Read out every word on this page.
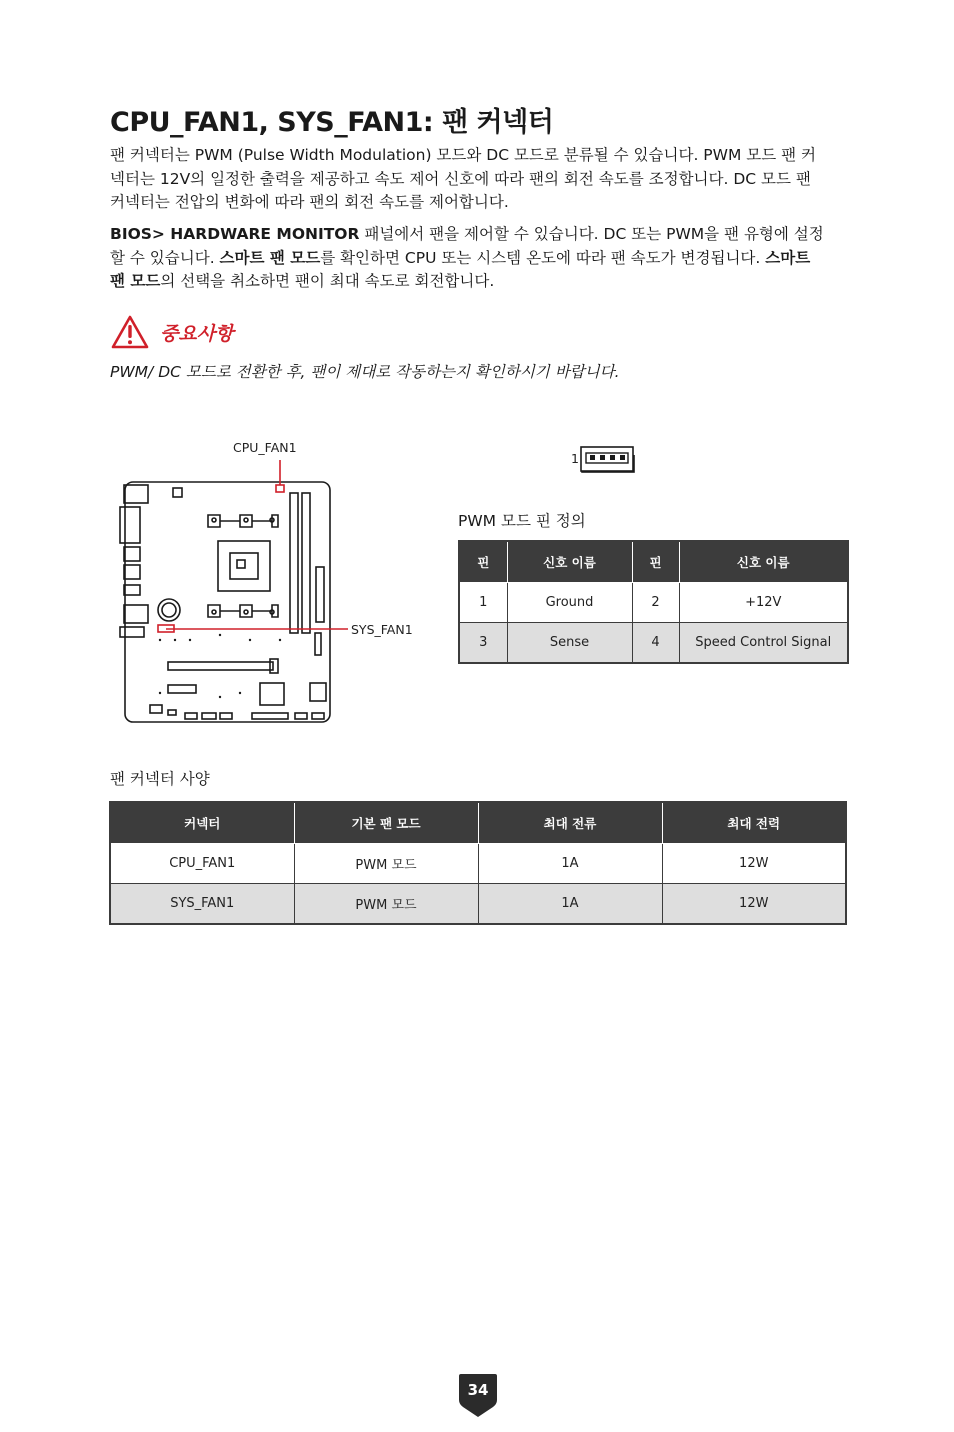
CPU_FAN1, SYS_FAN1: 팬 커넥터

팬 커넥터는 PWM (Pulse Width Modulation) 모드와 DC 모드로 분류될 수 있습니다. PWM 모드 팬 커넥터는 12V의 일정한 출력을 제공하고 속도 제어 신호에 따라 팬의 회전 속도를 조정합니다. DC 모드 팬 커넥터는 전압의 변화에 따라 팬의 회전 속도를 제어합니다.

BIOS> HARDWARE MONITOR 패널에서 팬을 제어할 수 있습니다. DC 또는 PWM을 팬 유형에 설정할 수 있습니다. 스마트 팬 모드를 확인하면 CPU 또는 시스템 온도에 따라 팬 속도가 변경됩니다. 스마트 팬 모드의 선택을 취소하면 팬이 최대 속도로 회전합니다.

중요사항

PWM/ DC 모드로 전환한 후, 팬이 제대로 작동하는지 확인하시기 바랍니다.

CPU_FAN1
SYS_FAN1
1

PWM 모드 핀 정의

핀	신호 이름	핀	신호 이름
1	Ground	2	+12V
3	Sense	4	Speed Control Signal

팬 커넥터 사양

커넥터	기본 팬 모드	최대 전류	최대 전력
CPU_FAN1	PWM 모드	1A	12W
SYS_FAN1	PWM 모드	1A	12W
34
